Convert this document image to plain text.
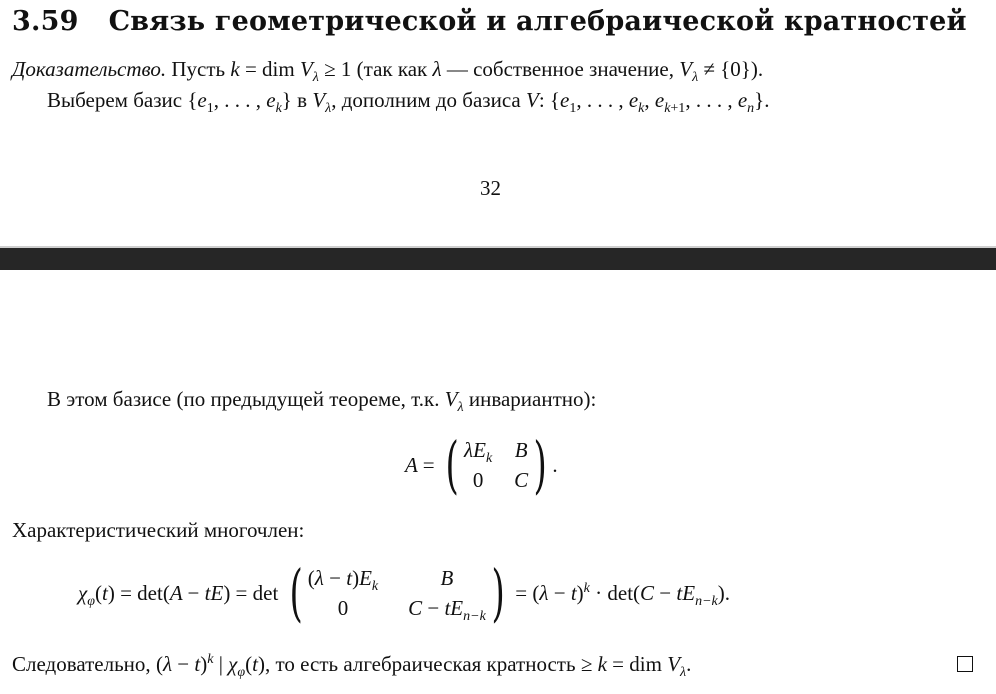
3.59 Связь геометрической и алгебраической кратностей
Доказательство. Пусть k = dim $V_\lambda \ge 1$ (так как λ — собственное значение, $V_\lambda \ne \{0\}$).
Выберем базис {$e_1$, . . . , $e_k$} в $V_\lambda$, дополним до базиса V: {$e_1$, . . . , $e_k$, $e_{k+1}$, . . . , $e_n$}.
32
В этом базисе (по предыдущей теореме, т.к. $V_\lambda$ инвариантно):
A = ( $\lambda E_k$ B
0	C ) .
Характеристический многочлен:
$\chi_\varphi(t) = \det(A - tE) = \det$ ( $(\lambda - t)E_k$	B
0	$C - tE_{n-k}$ ) = $(\lambda - t)^k \cdot \det(C - tE_{n-k})$.
Следовательно, $(\lambda - t)^k$ | $\chi_\varphi(t)$, то есть алгебраическая кратность ≥ k = dim $V_\lambda$.
